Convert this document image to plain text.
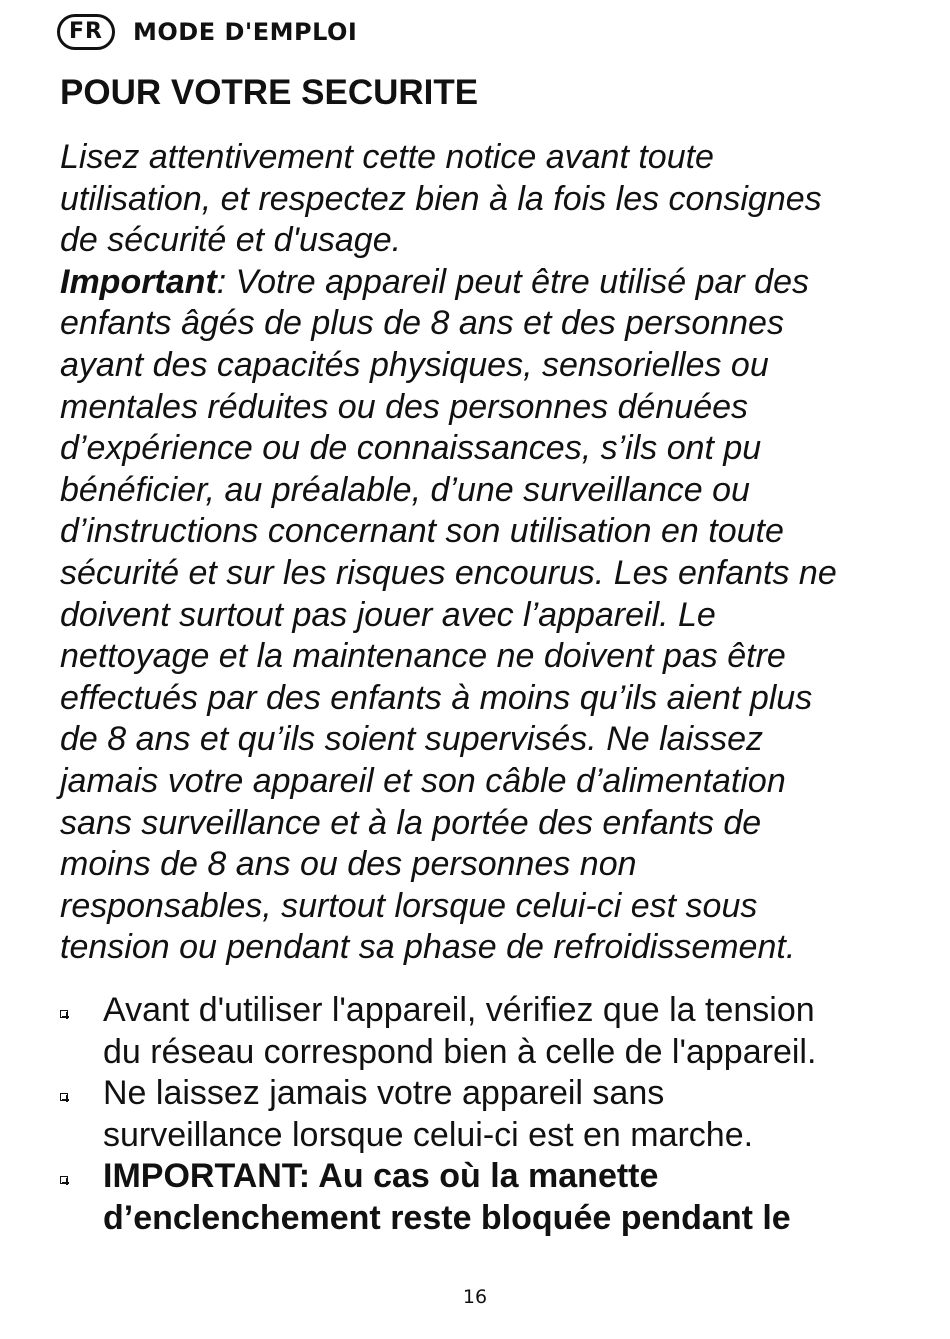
FR	MODE D'EMPLOI
POUR VOTRE SECURITE

Lisez attentivement cette notice avant toute
utilisation, et respectez bien à la fois les consignes
de sécurité et d'usage.
Important: Votre appareil peut être utilisé par des
enfants âgés de plus de 8 ans et des personnes
ayant des capacités physiques, sensorielles ou
mentales réduites ou des personnes dénuées
d’expérience ou de connaissances, s’ils ont pu
bénéficier, au préalable, d’une surveillance ou
d’instructions concernant son utilisation en toute
sécurité et sur les risques encourus. Les enfants ne
doivent surtout pas jouer avec l’appareil. Le
nettoyage et la maintenance ne doivent pas être
effectués par des enfants à moins qu’ils aient plus
de 8 ans et qu’ils soient supervisés. Ne laissez
jamais votre appareil et son câble d’alimentation
sans surveillance et à la portée des enfants de
moins de 8 ans ou des personnes non
responsables, surtout lorsque celui-ci est sous
tension ou pendant sa phase de refroidissement.

Avant d'utiliser l'appareil, vérifiez que la tension
du réseau correspond bien à celle de l'appareil.
Ne laissez jamais votre appareil sans
surveillance lorsque celui-ci est en marche.
IMPORTANT: Au cas où la manette
d’enclenchement reste bloquée pendant le
16
